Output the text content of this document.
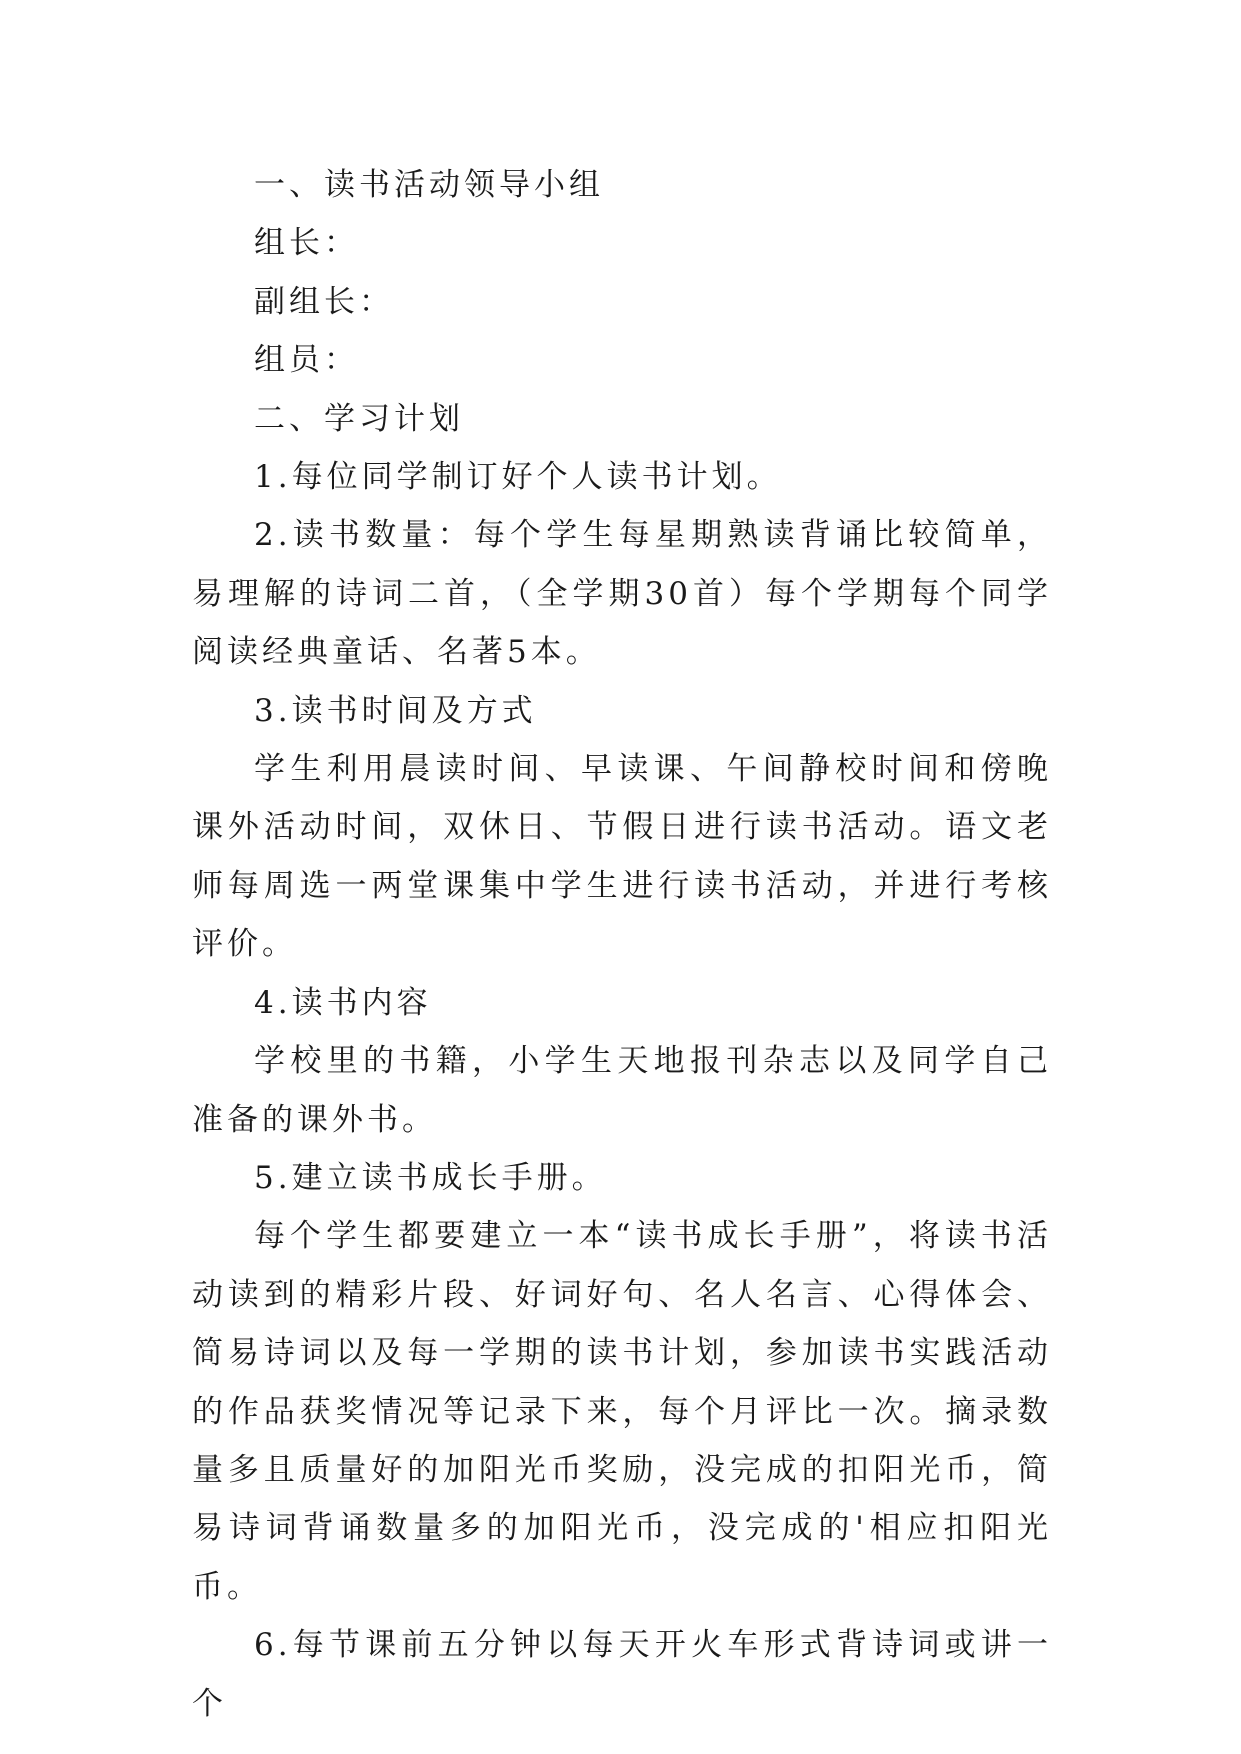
一、读书活动领导小组

组长：

副组长：

组员：

二、学习计划

1.每位同学制订好个人读书计划。

2.读书数量：每个学生每星期熟读背诵比较简单，易理解的诗词二首，（全学期30首）每个学期每个同学阅读经典童话、名著5本。

3.读书时间及方式

学生利用晨读时间、早读课、午间静校时间和傍晚课外活动时间，双休日、节假日进行读书活动。语文老师每周选一两堂课集中学生进行读书活动，并进行考核评价。

4.读书内容

学校里的书籍，小学生天地报刊杂志以及同学自己准备的课外书。

5.建立读书成长手册。

每个学生都要建立一本“读书成长手册”，将读书活动读到的精彩片段、好词好句、名人名言、心得体会、简易诗词以及每一学期的读书计划，参加读书实践活动的作品获奖情况等记录下来，每个月评比一次。摘录数量多且质量好的加阳光币奖励，没完成的扣阳光币，简易诗词背诵数量多的加阳光币，没完成的'相应扣阳光币。

6.每节课前五分钟以每天开火车形式背诗词或讲一个
